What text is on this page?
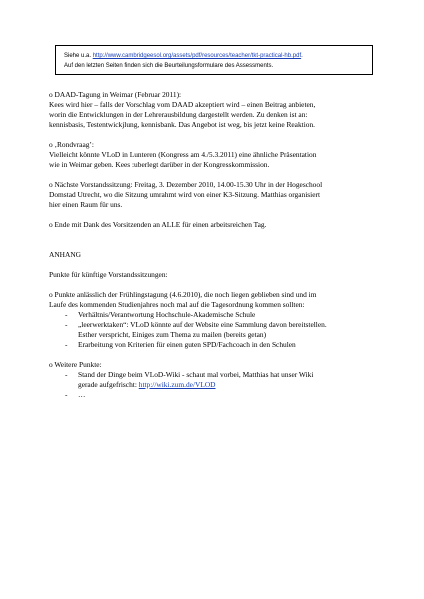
Siehe u.a. http://www.cambridgeesol.org/assets/pdf/resources/teacher/tkt-practical-hb.pdf.
Auf den letzten Seiten finden sich die Beurteilungsformulare des Assessments.

o DAAD-Tagung in Weimar (Februar 2011):

Kees wird hier – falls der Vorschlag vom DAAD akzeptiert wird – einen Beitrag anbieten,

worin die Entwicklungen in der Lehrerausbildung dargestellt werden. Zu denken ist an:

kennisbasis, Testentwickjlung, kennisbank. Das Angebot ist weg, bis jetzt keine Reaktion.

o ‚Rondvraag’:

Vielleicht könnte VLoD in Lunteren (Kongress am 4./5.3.2011) eine ähnliche Präsentation

wie in Weimar geben. Kees :uberlegt darüber in der Kongresskommission.

o Nächste Vorstandssitzung: Freitag, 3. Dezember 2010, 14.00-15.30 Uhr in der Hogeschool

Domstad Utrecht, wo die Sitzung umrahmt wird von einer K3-Sitzung. Matthias organisiert

hier einen Raum für uns.

o Ende mit Dank des Vorsitzenden an ALLE für einen arbeitsreichen Tag.

ANHANG

Punkte für künftige Vorstandssitzungen:

o Punkte anlässlich der Frühlingstagung (4.6.2010), die noch liegen geblieben sind und im

Laufe des kommenden Studienjahres noch mal auf die Tagesordnung kommen sollten:

- Verhältnis/Verantwortung Hochschule-Akademische Schule
- „leerwerktaken“: VLoD könnte auf der Website eine Sammlung davon bereitstellen.
Esther verspricht, Einiges zum Thema zu mailen (bereits getan)
- Erarbeitung von Kriterien für einen guten SPD/Fachcoach in den Schulen

o Weitere Punkte:

- Stand der Dinge beim VLoD-Wiki - schaut mal vorbei, Matthias hat unser Wiki
gerade aufgefrischt: http://wiki.zum.de/VLOD
- …
